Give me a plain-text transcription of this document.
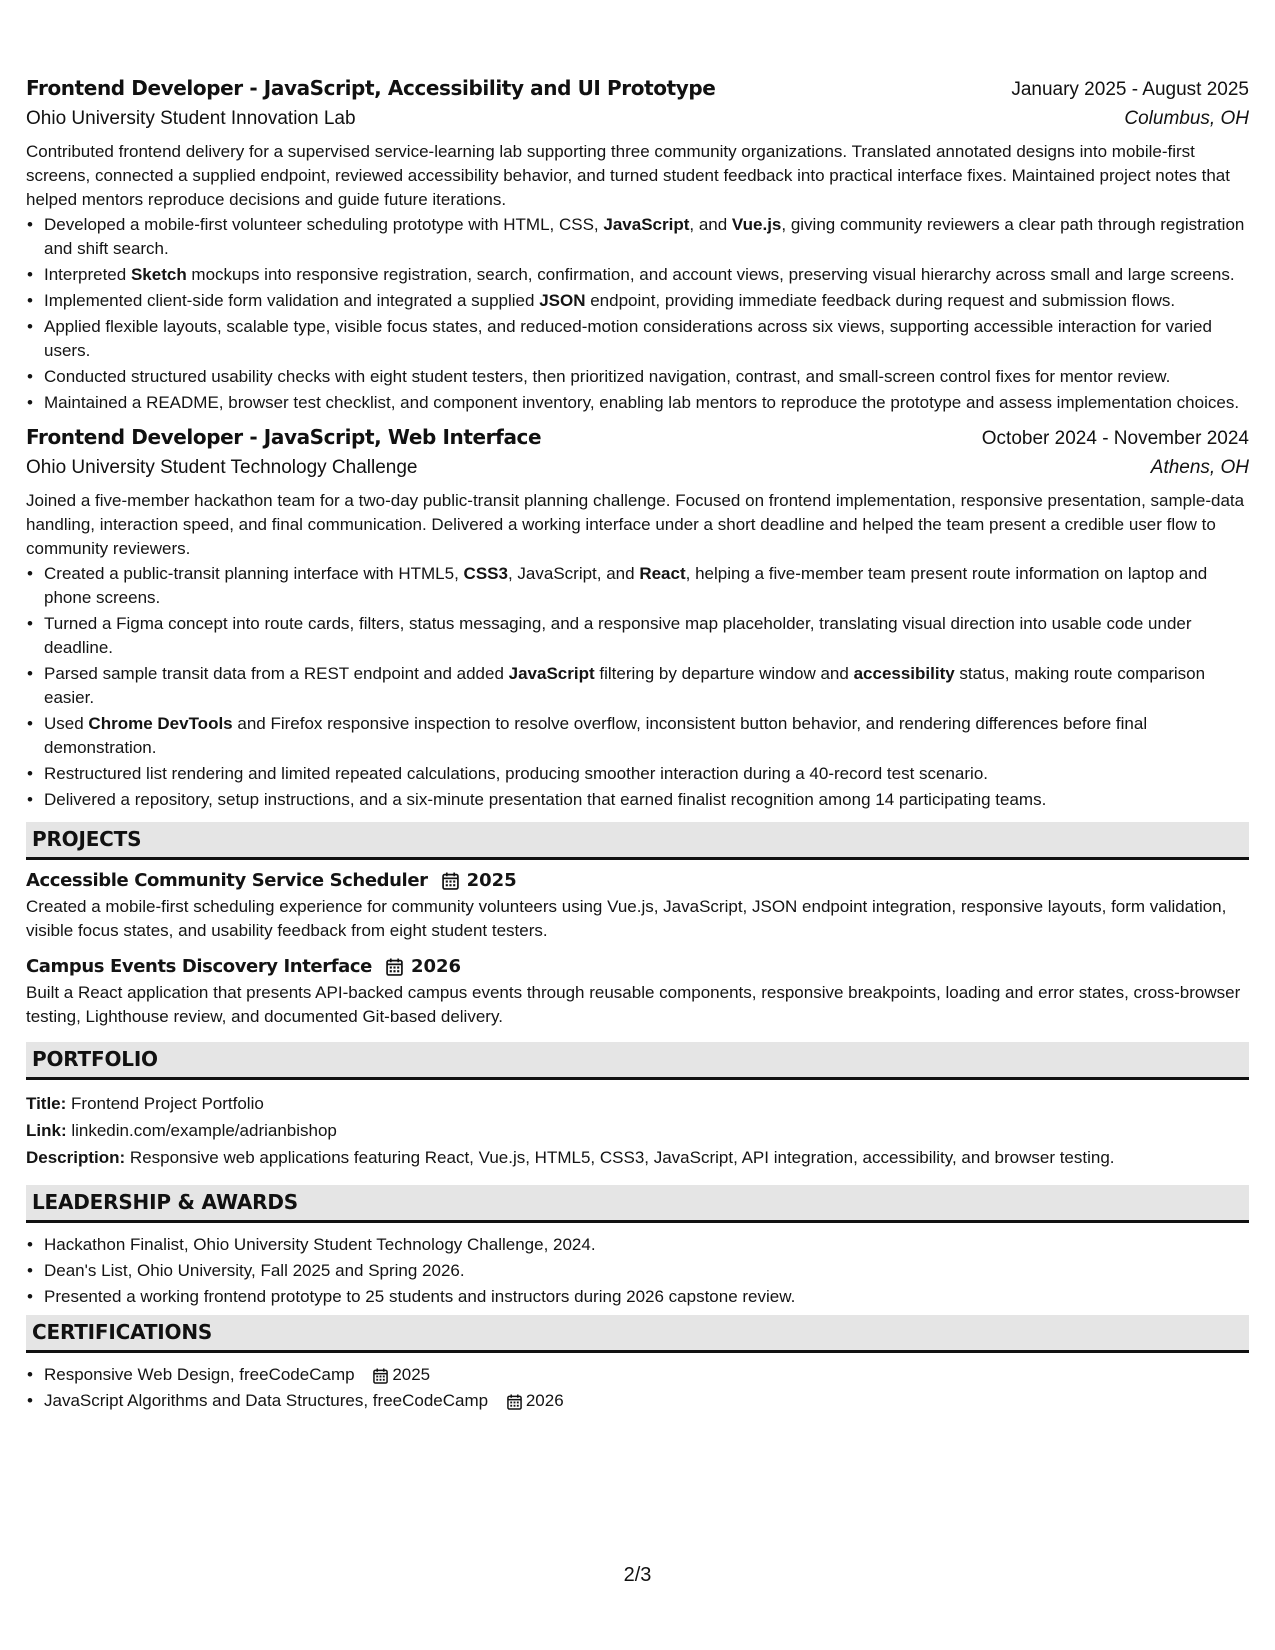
Frontend Developer - JavaScript, Accessibility and UI Prototype	January 2025 - August 2025
Ohio University Student Innovation Lab	Columbus, OH
Contributed frontend delivery for a supervised service-learning lab supporting three community organizations. Translated annotated designs into mobile-first screens, connected a supplied endpoint, reviewed accessibility behavior, and turned student feedback into practical interface fixes. Maintained project notes that helped mentors reproduce decisions and guide future iterations.
• Developed a mobile-first volunteer scheduling prototype with HTML, CSS, JavaScript, and Vue.js, giving community reviewers a clear path through registration and shift search.
• Interpreted Sketch mockups into responsive registration, search, confirmation, and account views, preserving visual hierarchy across small and large screens.
• Implemented client-side form validation and integrated a supplied JSON endpoint, providing immediate feedback during request and submission flows.
• Applied flexible layouts, scalable type, visible focus states, and reduced-motion considerations across six views, supporting accessible interaction for varied users.
• Conducted structured usability checks with eight student testers, then prioritized navigation, contrast, and small-screen control fixes for mentor review.
• Maintained a README, browser test checklist, and component inventory, enabling lab mentors to reproduce the prototype and assess implementation choices.
Frontend Developer - JavaScript, Web Interface	October 2024 - November 2024
Ohio University Student Technology Challenge	Athens, OH
Joined a five-member hackathon team for a two-day public-transit planning challenge. Focused on frontend implementation, responsive presentation, sample-data handling, interaction speed, and final communication. Delivered a working interface under a short deadline and helped the team present a credible user flow to community reviewers.
• Created a public-transit planning interface with HTML5, CSS3, JavaScript, and React, helping a five-member team present route information on laptop and phone screens.
• Turned a Figma concept into route cards, filters, status messaging, and a responsive map placeholder, translating visual direction into usable code under deadline.
• Parsed sample transit data from a REST endpoint and added JavaScript filtering by departure window and accessibility status, making route comparison easier.
• Used Chrome DevTools and Firefox responsive inspection to resolve overflow, inconsistent button behavior, and rendering differences before final demonstration.
• Restructured list rendering and limited repeated calculations, producing smoother interaction during a 40-record test scenario.
• Delivered a repository, setup instructions, and a six-minute presentation that earned finalist recognition among 14 participating teams.
PROJECTS
Accessible Community Service Scheduler 2025
Created a mobile-first scheduling experience for community volunteers using Vue.js, JavaScript, JSON endpoint integration, responsive layouts, form validation, visible focus states, and usability feedback from eight student testers.
Campus Events Discovery Interface 2026
Built a React application that presents API-backed campus events through reusable components, responsive breakpoints, loading and error states, cross-browser testing, Lighthouse review, and documented Git-based delivery.
PORTFOLIO
Title: Frontend Project Portfolio
Link: linkedin.com/example/adrianbishop
Description: Responsive web applications featuring React, Vue.js, HTML5, CSS3, JavaScript, API integration, accessibility, and browser testing.
LEADERSHIP & AWARDS
• Hackathon Finalist, Ohio University Student Technology Challenge, 2024.
• Dean's List, Ohio University, Fall 2025 and Spring 2026.
• Presented a working frontend prototype to 25 students and instructors during 2026 capstone review.
CERTIFICATIONS
• Responsive Web Design, freeCodeCamp 2025
• JavaScript Algorithms and Data Structures, freeCodeCamp 2026
2/3
